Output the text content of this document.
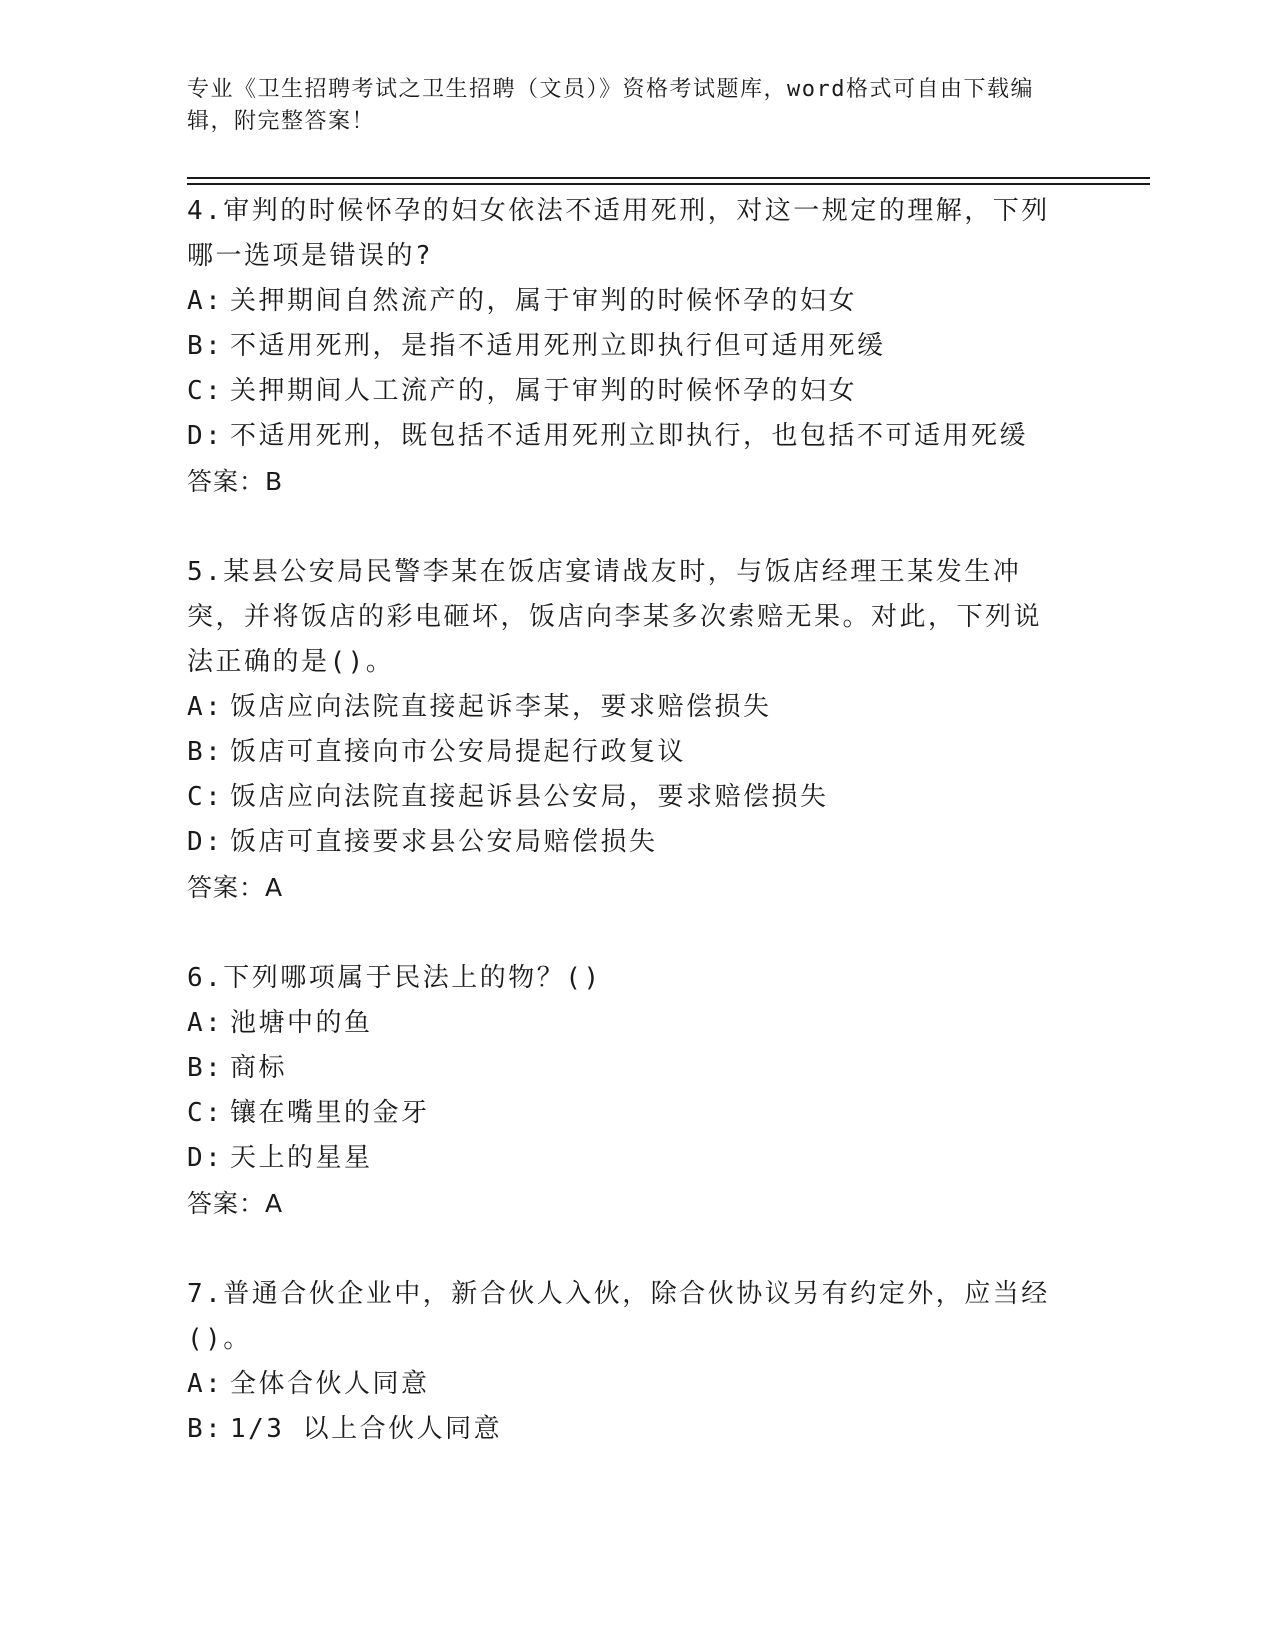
专业《卫生招聘考试之卫生招聘（文员）》资格考试题库，word格式可自由下载编辑，附完整答案！

4.审判的时候怀孕的妇女依法不适用死刑，对这一规定的理解，下列哪一选项是错误的?

A: 关押期间自然流产的，属于审判的时候怀孕的妇女

B: 不适用死刑，是指不适用死刑立即执行但可适用死缓

C: 关押期间人工流产的，属于审判的时候怀孕的妇女

D: 不适用死刑，既包括不适用死刑立即执行，也包括不可适用死缓

答案：B

5.某县公安局民警李某在饭店宴请战友时，与饭店经理王某发生冲突，并将饭店的彩电砸坏，饭店向李某多次索赔无果。对此，下列说法正确的是()。

A: 饭店应向法院直接起诉李某，要求赔偿损失

B: 饭店可直接向市公安局提起行政复议

C: 饭店应向法院直接起诉县公安局，要求赔偿损失

D: 饭店可直接要求县公安局赔偿损失

答案：A

6.下列哪项属于民法上的物？()

A: 池塘中的鱼

B: 商标

C: 镶在嘴里的金牙

D: 天上的星星

答案：A

7.普通合伙企业中，新合伙人入伙，除合伙协议另有约定外，应当经()。

A: 全体合伙人同意

B: 1/3 以上合伙人同意
